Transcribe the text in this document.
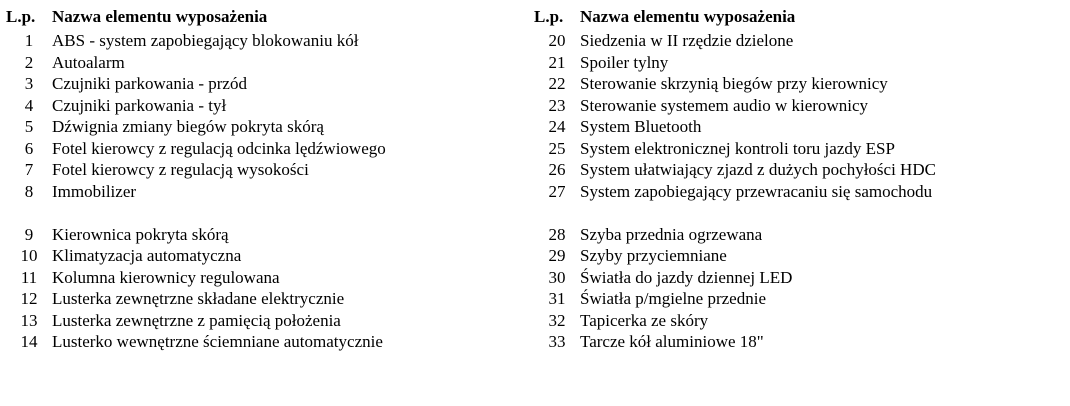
L.p.	Nazwa elementu wyposażenia
1	ABS - system zapobiegający blokowaniu kół
2	Autoalarm
3	Czujniki parkowania - przód
4	Czujniki parkowania - tył
5	Dźwignia zmiany biegów pokryta skórą
6	Fotel kierowcy z regulacją odcinka lędźwiowego
7	Fotel kierowcy z regulacją wysokości
8	Immobilizer
9	Kierownica pokryta skórą
10	Klimatyzacja automatyczna
11	Kolumna kierownicy regulowana
12	Lusterka zewnętrzne składane elektrycznie
13	Lusterka zewnętrzne z pamięcią położenia
14	Lusterko wewnętrzne ściemniane automatycznie
L.p.	Nazwa elementu wyposażenia
20	Siedzenia w II rzędzie dzielone
21	Spoiler tylny
22	Sterowanie skrzynią biegów przy kierownicy
23	Sterowanie systemem audio w kierownicy
24	System Bluetooth
25	System elektronicznej kontroli toru jazdy ESP
26	System ułatwiający zjazd z dużych pochyłości HDC
27	System zapobiegający przewracaniu się samochodu
28	Szyba przednia ogrzewana
29	Szyby przyciemniane
30	Światła do jazdy dziennej LED
31	Światła p/mgielne przednie
32	Tapicerka ze skóry
33	Tarcze kół aluminiowe 18"
